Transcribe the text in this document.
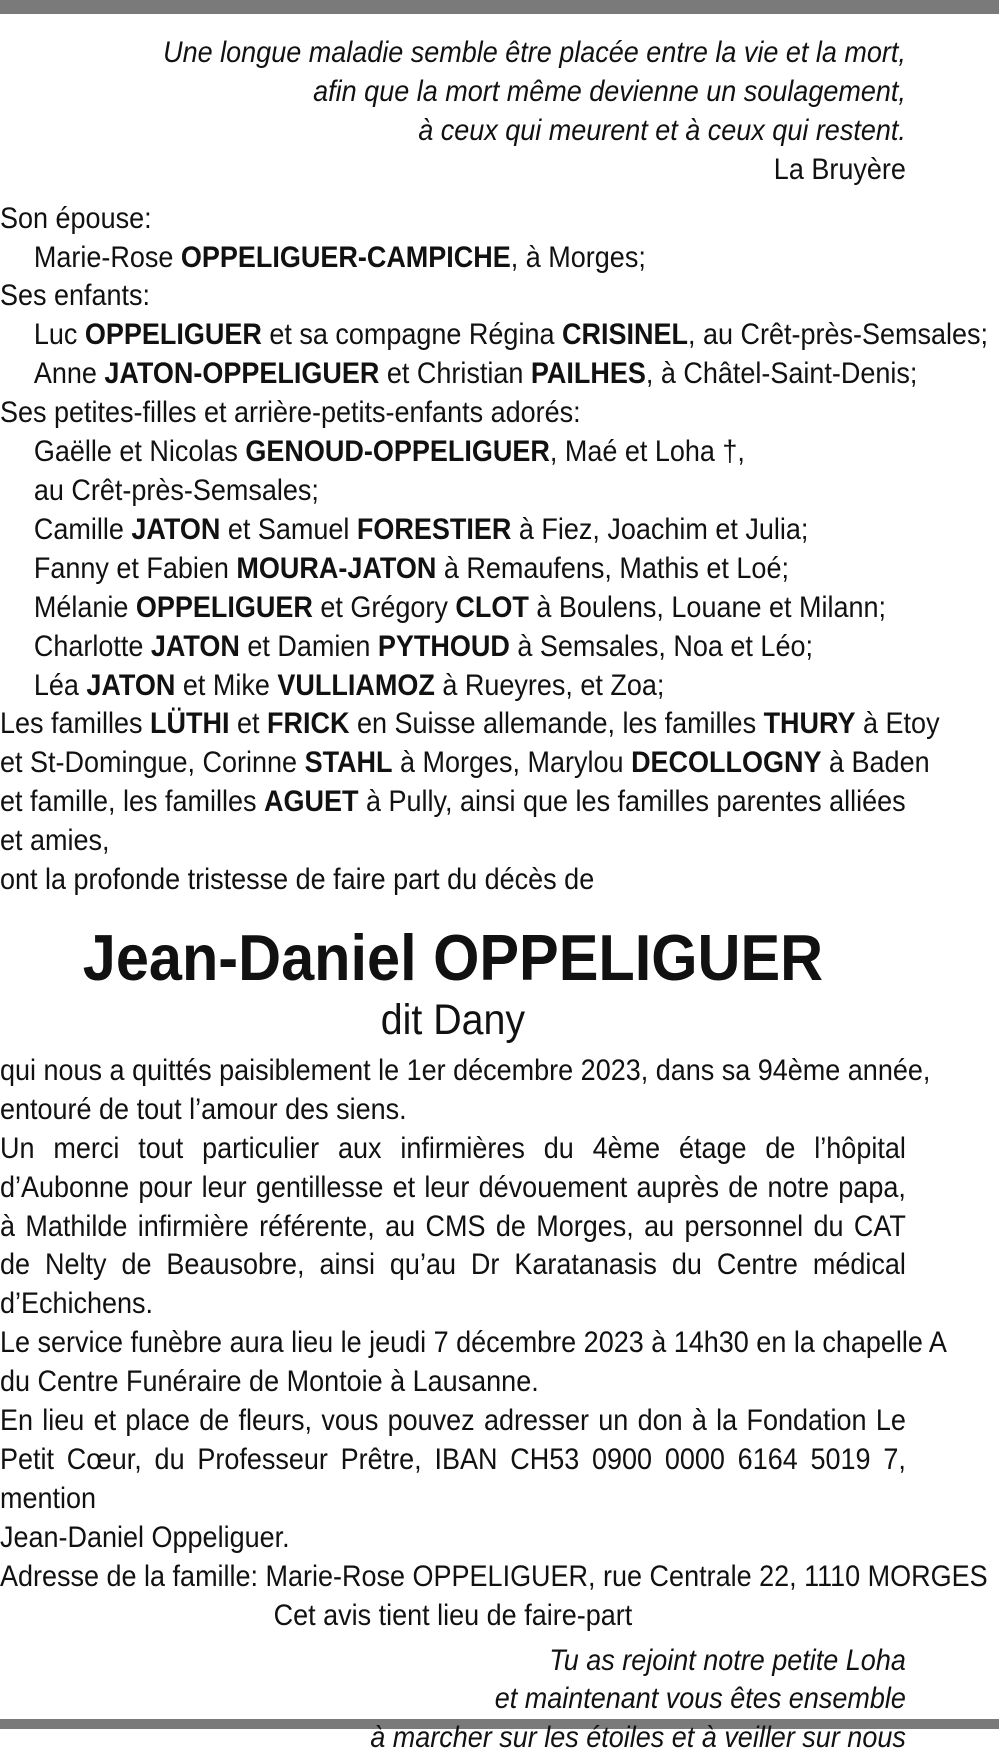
Une longue maladie semble être placée entre la vie et la mort,
afin que la mort même devienne un soulagement,
à ceux qui meurent et à ceux qui restent.
La Bruyère
Son épouse:
Marie-Rose OPPELIGUER-CAMPICHE, à Morges;
Ses enfants:
Luc OPPELIGUER et sa compagne Régina CRISINEL, au Crêt-près-Semsales;
Anne JATON-OPPELIGUER et Christian PAILHES, à Châtel-Saint-Denis;
Ses petites-filles et arrière-petits-enfants adorés:
Gaëlle et Nicolas GENOUD-OPPELIGUER, Maé et Loha †,
au Crêt-près-Semsales;
Camille JATON et Samuel FORESTIER à Fiez, Joachim et Julia;
Fanny et Fabien MOURA-JATON à Remaufens, Mathis et Loé;
Mélanie OPPELIGUER et Grégory CLOT à Boulens, Louane et Milann;
Charlotte JATON et Damien PYTHOUD à Semsales, Noa et Léo;
Léa JATON et Mike VULLIAMOZ à Rueyres, et Zoa;
Les familles LÜTHI et FRICK en Suisse allemande, les familles THURY à Etoy
et St-Domingue, Corinne STAHL à Morges, Marylou DECOLLOGNY à Baden
et famille, les familles AGUET à Pully, ainsi que les familles parentes alliées
et amies,
ont la profonde tristesse de faire part du décès de
Jean-Daniel OPPELIGUER
dit Dany
qui nous a quittés paisiblement le 1er décembre 2023, dans sa 94ème année,
entouré de tout l’amour des siens.
Un merci tout particulier aux infirmières du 4ème étage de l’hôpital d’Aubonne pour leur gentillesse et leur dévouement auprès de notre papa, à Mathilde infirmière référente, au CMS de Morges, au personnel du CAT de Nelty de Beausobre, ainsi qu’au Dr Karatanasis du Centre médical d’Echichens.
Le service funèbre aura lieu le jeudi 7 décembre 2023 à 14h30 en la chapelle A
du Centre Funéraire de Montoie à Lausanne.
En lieu et place de fleurs, vous pouvez adresser un don à la Fondation Le Petit Cœur, du Professeur Prêtre, IBAN CH53 0900 0000 6164 5019 7, mention
Jean-Daniel Oppeliguer.
Adresse de la famille: Marie-Rose OPPELIGUER, rue Centrale 22, 1110 MORGES
Cet avis tient lieu de faire-part
Tu as rejoint notre petite Loha
et maintenant vous êtes ensemble
à marcher sur les étoiles et à veiller sur nous
